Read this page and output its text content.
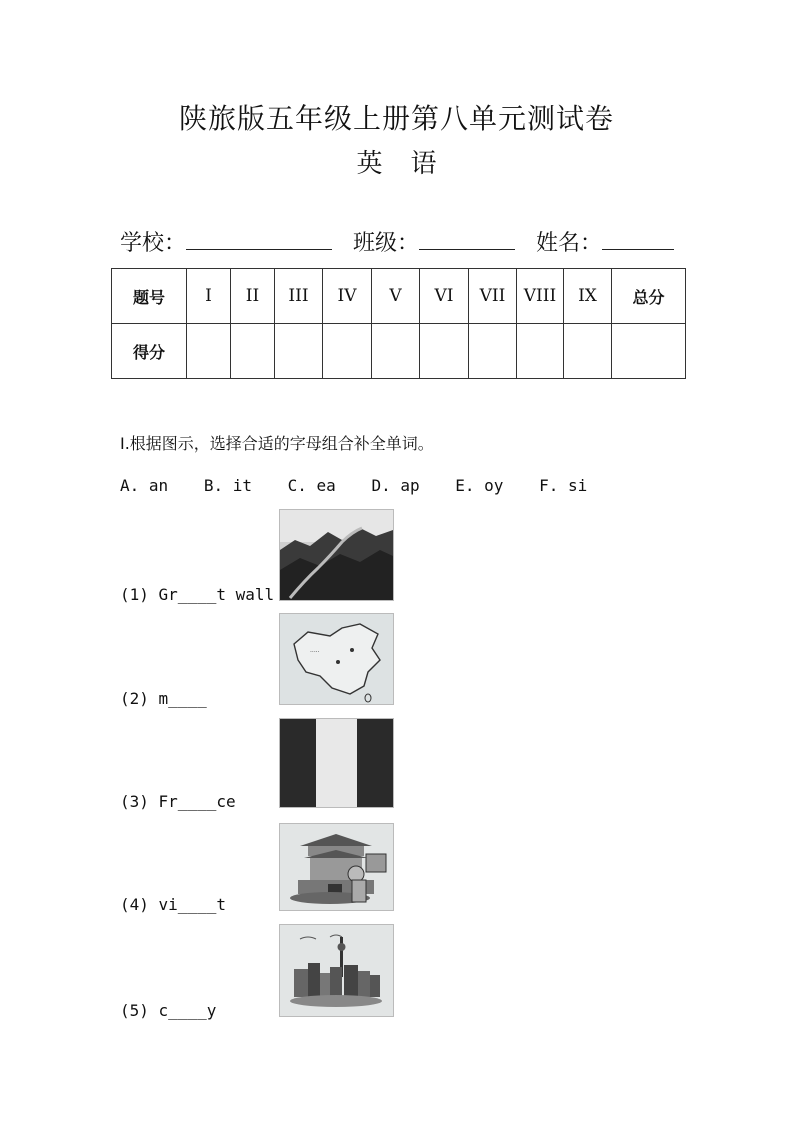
陕旅版五年级上册第八单元测试卷
英语
学校：	班级：	姓名：
题号	I	II	III	IV	V	VI	VII	VIII	IX	总分
得分										
I.根据图示，选择合适的字母组合补全单词。
A. an B. it C. ea D. ap E. oy F. si
(1) Gr____t wall
·····
(2) m____
(3) Fr____ce
(4) vi____t
(5) c____y
